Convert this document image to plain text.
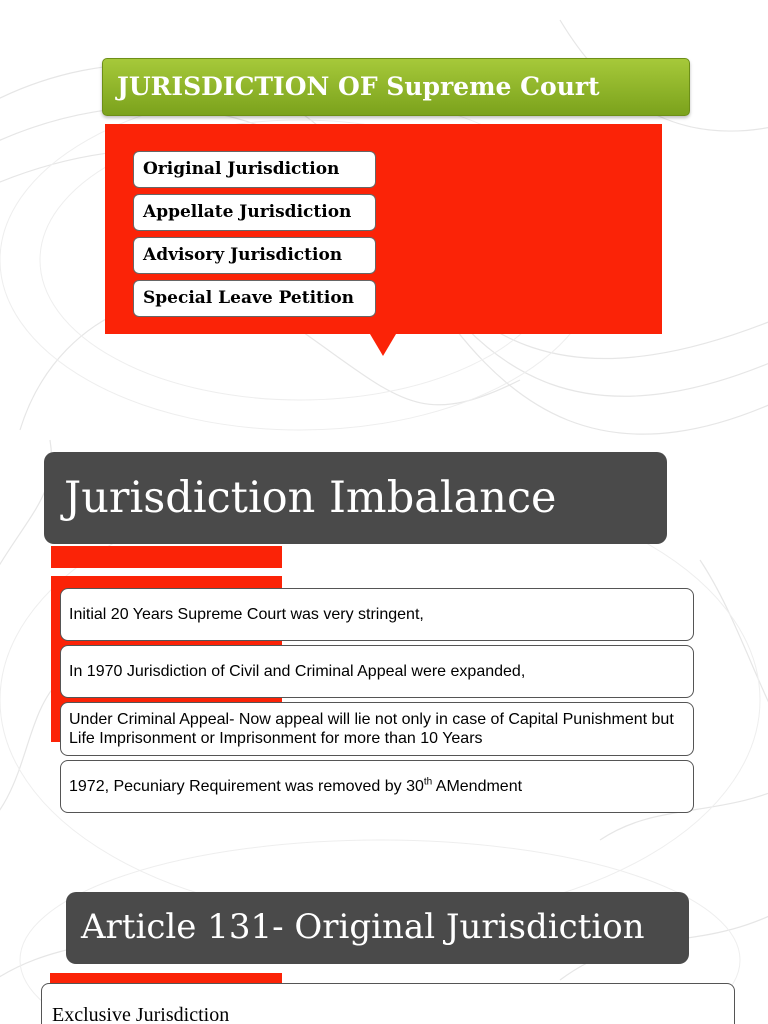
JURISDICTION OF Supreme Court
Original Jurisdiction
Appellate Jurisdiction
Advisory Jurisdiction
Special Leave Petition
Jurisdiction Imbalance
Initial 20 Years Supreme Court was very stringent,
In 1970 Jurisdiction of Civil and Criminal Appeal were expanded,
Under Criminal Appeal- Now appeal will lie not only in case of Capital Punishment but Life Imprisonment or Imprisonment for more than 10 Years
1972, Pecuniary Requirement was removed by 30th AMendment
Article 131- Original Jurisdiction
Exclusive Jurisdiction
